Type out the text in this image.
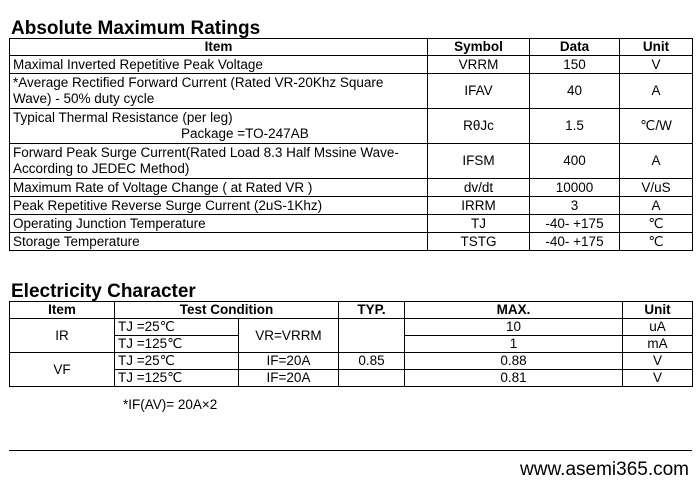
Absolute Maximum Ratings
Item	Symbol	Data	Unit
Maximal Inverted Repetitive Peak Voltage	VRRM	150	V
*Average Rectified Forward Current (Rated VR-20Khz Square Wave) - 50% duty cycle	IFAV	40	A
Typical Thermal Resistance (per leg)
Package =TO-247AB	RθJc	1.5	℃/W
Forward Peak Surge Current(Rated Load 8.3 Half Mssine Wave-According to JEDEC Method)	IFSM	400	A
Maximum Rate of Voltage Change ( at Rated VR )	dv/dt	10000	V/uS
Peak Repetitive Reverse Surge Current (2uS-1Khz)	IRRM	3	A
Operating Junction Temperature	TJ	-40- +175	℃
Storage Temperature	TSTG	-40- +175	℃
Electricity Character
Item	Test Condition		TYP.	MAX.	Unit
IR	TJ =25℃	VR=VRRM		10	uA
	TJ =125℃			1	mA
VF	TJ =25℃	IF=20A	0.85	0.88	V
	TJ =125℃	IF=20A		0.81	V
*IF(AV)= 20A×2
www.asemi365.com
